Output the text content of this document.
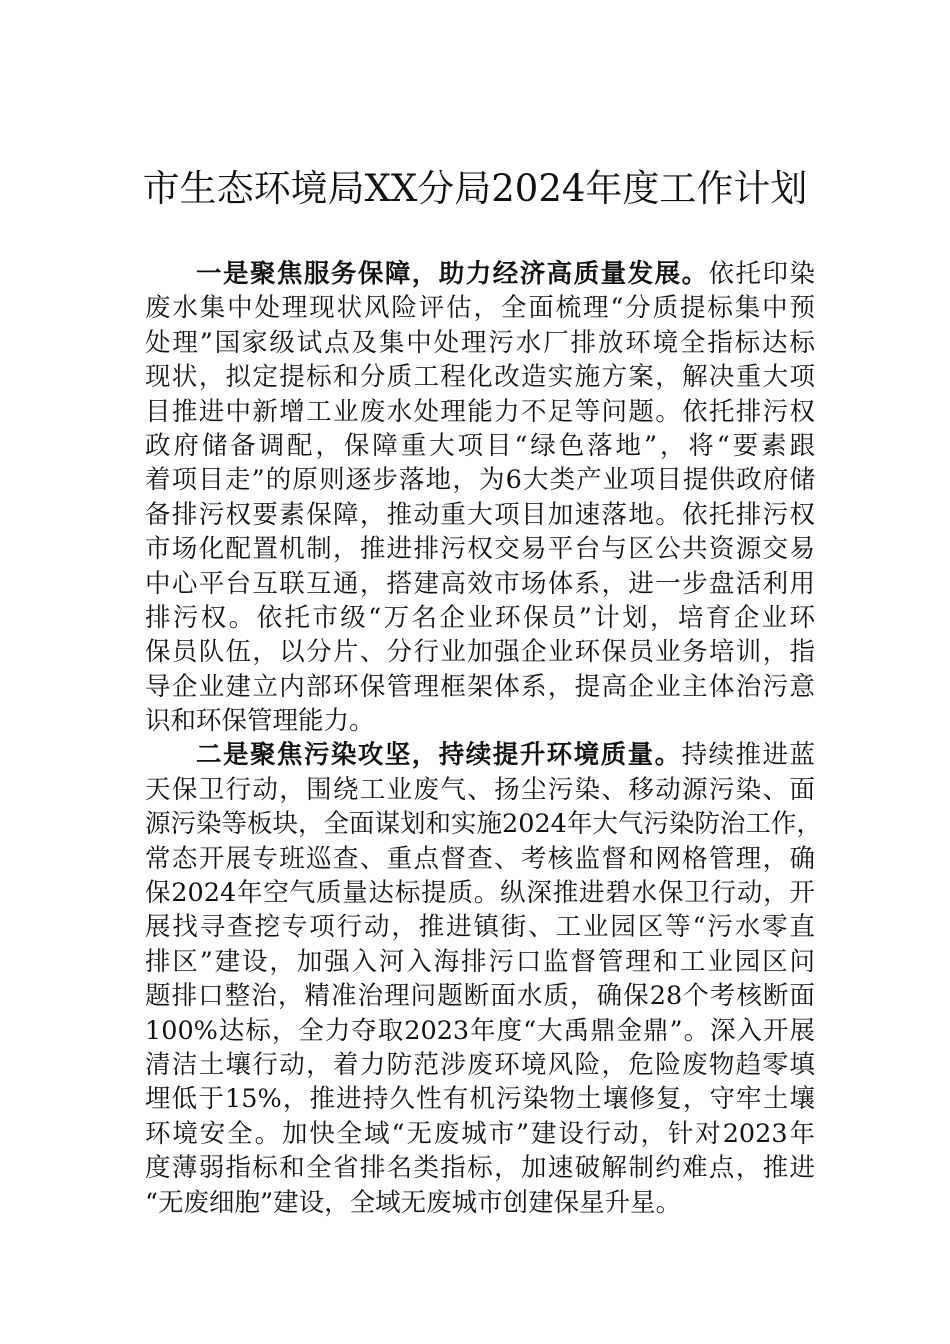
市生态环境局XX分局2024年度工作计划
一是聚焦服务保障，助力经济高质量发展。依托印染
废水集中处理现状风险评估，全面梳理“分质提标集中预
处理”国家级试点及集中处理污水厂排放环境全指标达标
现状，拟定提标和分质工程化改造实施方案，解决重大项
目推进中新增工业废水处理能力不足等问题。依托排污权
政府储备调配，保障重大项目“绿色落地”，将“要素跟
着项目走”的原则逐步落地，为6大类产业项目提供政府储
备排污权要素保障，推动重大项目加速落地。依托排污权
市场化配置机制，推进排污权交易平台与区公共资源交易
中心平台互联互通，搭建高效市场体系，进一步盘活利用
排污权。依托市级“万名企业环保员”计划，培育企业环
保员队伍，以分片、分行业加强企业环保员业务培训，指
导企业建立内部环保管理框架体系，提高企业主体治污意
识和环保管理能力。
二是聚焦污染攻坚，持续提升环境质量。持续推进蓝
天保卫行动，围绕工业废气、扬尘污染、移动源污染、面
源污染等板块，全面谋划和实施2024年大气污染防治工作，
常态开展专班巡查、重点督查、考核监督和网格管理，确
保2024年空气质量达标提质。纵深推进碧水保卫行动，开
展找寻查挖专项行动，推进镇街、工业园区等“污水零直
排区”建设，加强入河入海排污口监督管理和工业园区问
题排口整治，精准治理问题断面水质，确保28个考核断面
100%达标，全力夺取2023年度“大禹鼎金鼎”。深入开展
清洁土壤行动，着力防范涉废环境风险，危险废物趋零填
埋低于15%，推进持久性有机污染物土壤修复，守牢土壤
环境安全。加快全域“无废城市”建设行动，针对2023年
度薄弱指标和全省排名类指标，加速破解制约难点，推进
“无废细胞”建设，全域无废城市创建保星升星。
